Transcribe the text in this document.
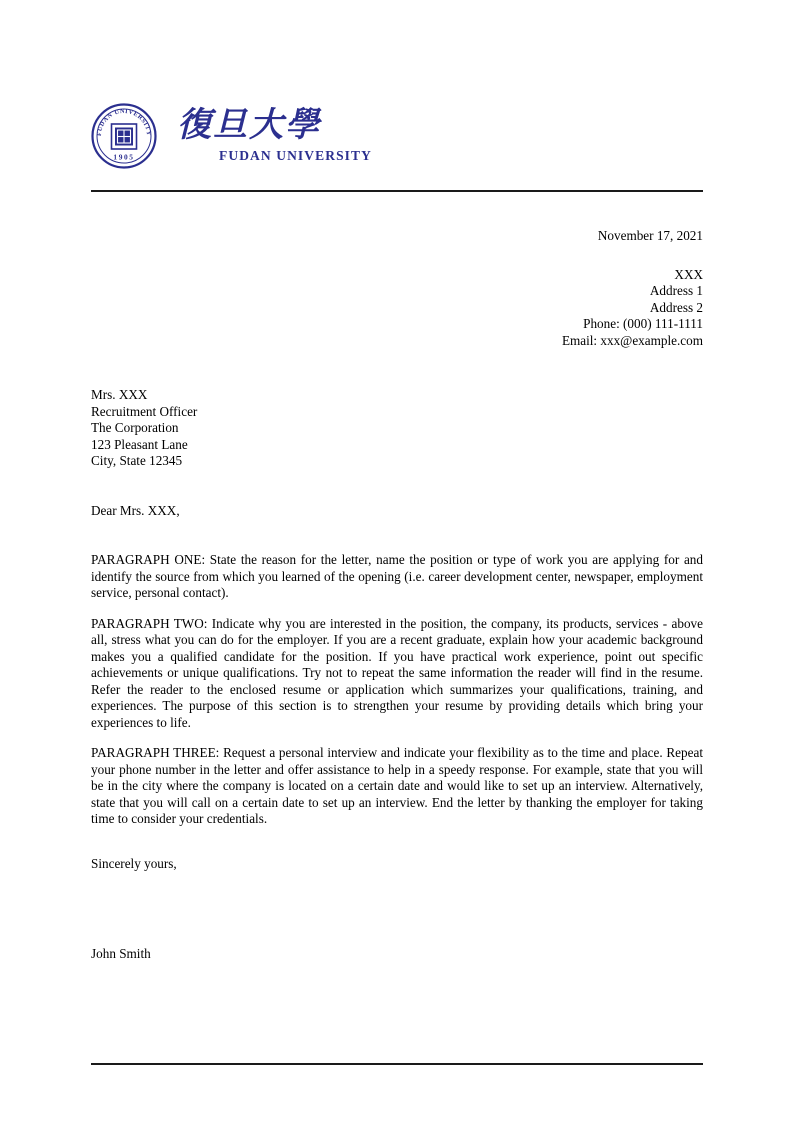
FUDAN UNIVERSITY
1905
復旦大學
FUDAN UNIVERSITY
November 17, 2021
XXX
Address 1
Address 2
Phone: (000) 111-1111
Email: xxx@example.com
Mrs. XXX
Recruitment Officer
The Corporation
123 Pleasant Lane
City, State 12345
Dear Mrs. XXX,

PARAGRAPH ONE: State the reason for the letter, name the position or type of work you are applying for and identify the source from which you learned of the opening (i.e. career development center, newspaper, employment service, personal contact).

PARAGRAPH TWO: Indicate why you are interested in the position, the company, its products, services - above all, stress what you can do for the employer. If you are a recent graduate, explain how your academic background makes you a qualified candidate for the position. If you have practical work experience, point out specific achievements or unique qualifications. Try not to repeat the same information the reader will find in the resume. Refer the reader to the enclosed resume or application which summarizes your qualifications, training, and experiences. The purpose of this section is to strengthen your resume by providing details which bring your experiences to life.

PARAGRAPH THREE: Request a personal interview and indicate your flexibility as to the time and place. Repeat your phone number in the letter and offer assistance to help in a speedy response. For example, state that you will be in the city where the company is located on a certain date and would like to set up an interview. Alternatively, state that you will call on a certain date to set up an interview. End the letter by thanking the employer for taking time to consider your credentials.

Sincerely yours,
John Smith
